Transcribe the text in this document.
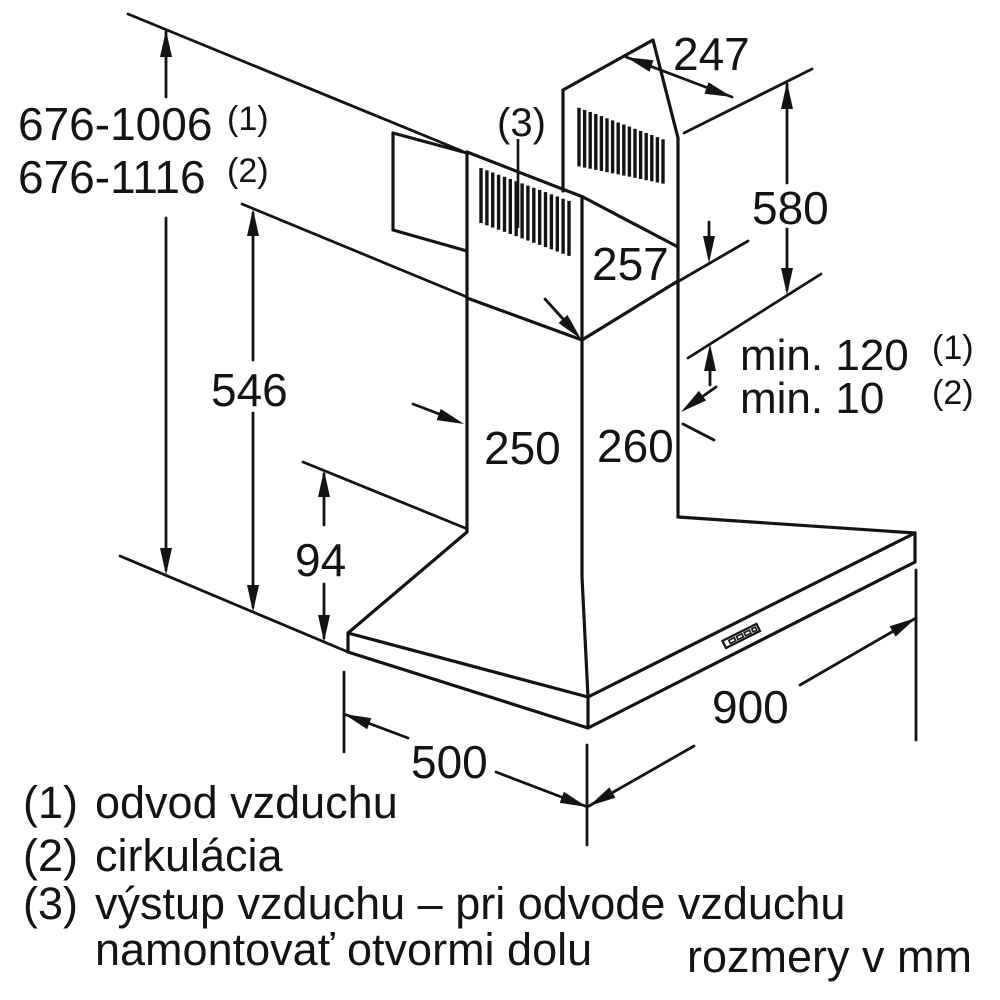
676-1006 (1)
676-1116 (2)
247
580
257
min. 120 (1)
min. 10 (2)
546
250 260
94
(3)
500
900
(1) odvod vzduchu
(2) cirkulácia
(3) výstup vzduchu – pri odvode vzduchu
namontovať otvormi dolu rozmery v mm
